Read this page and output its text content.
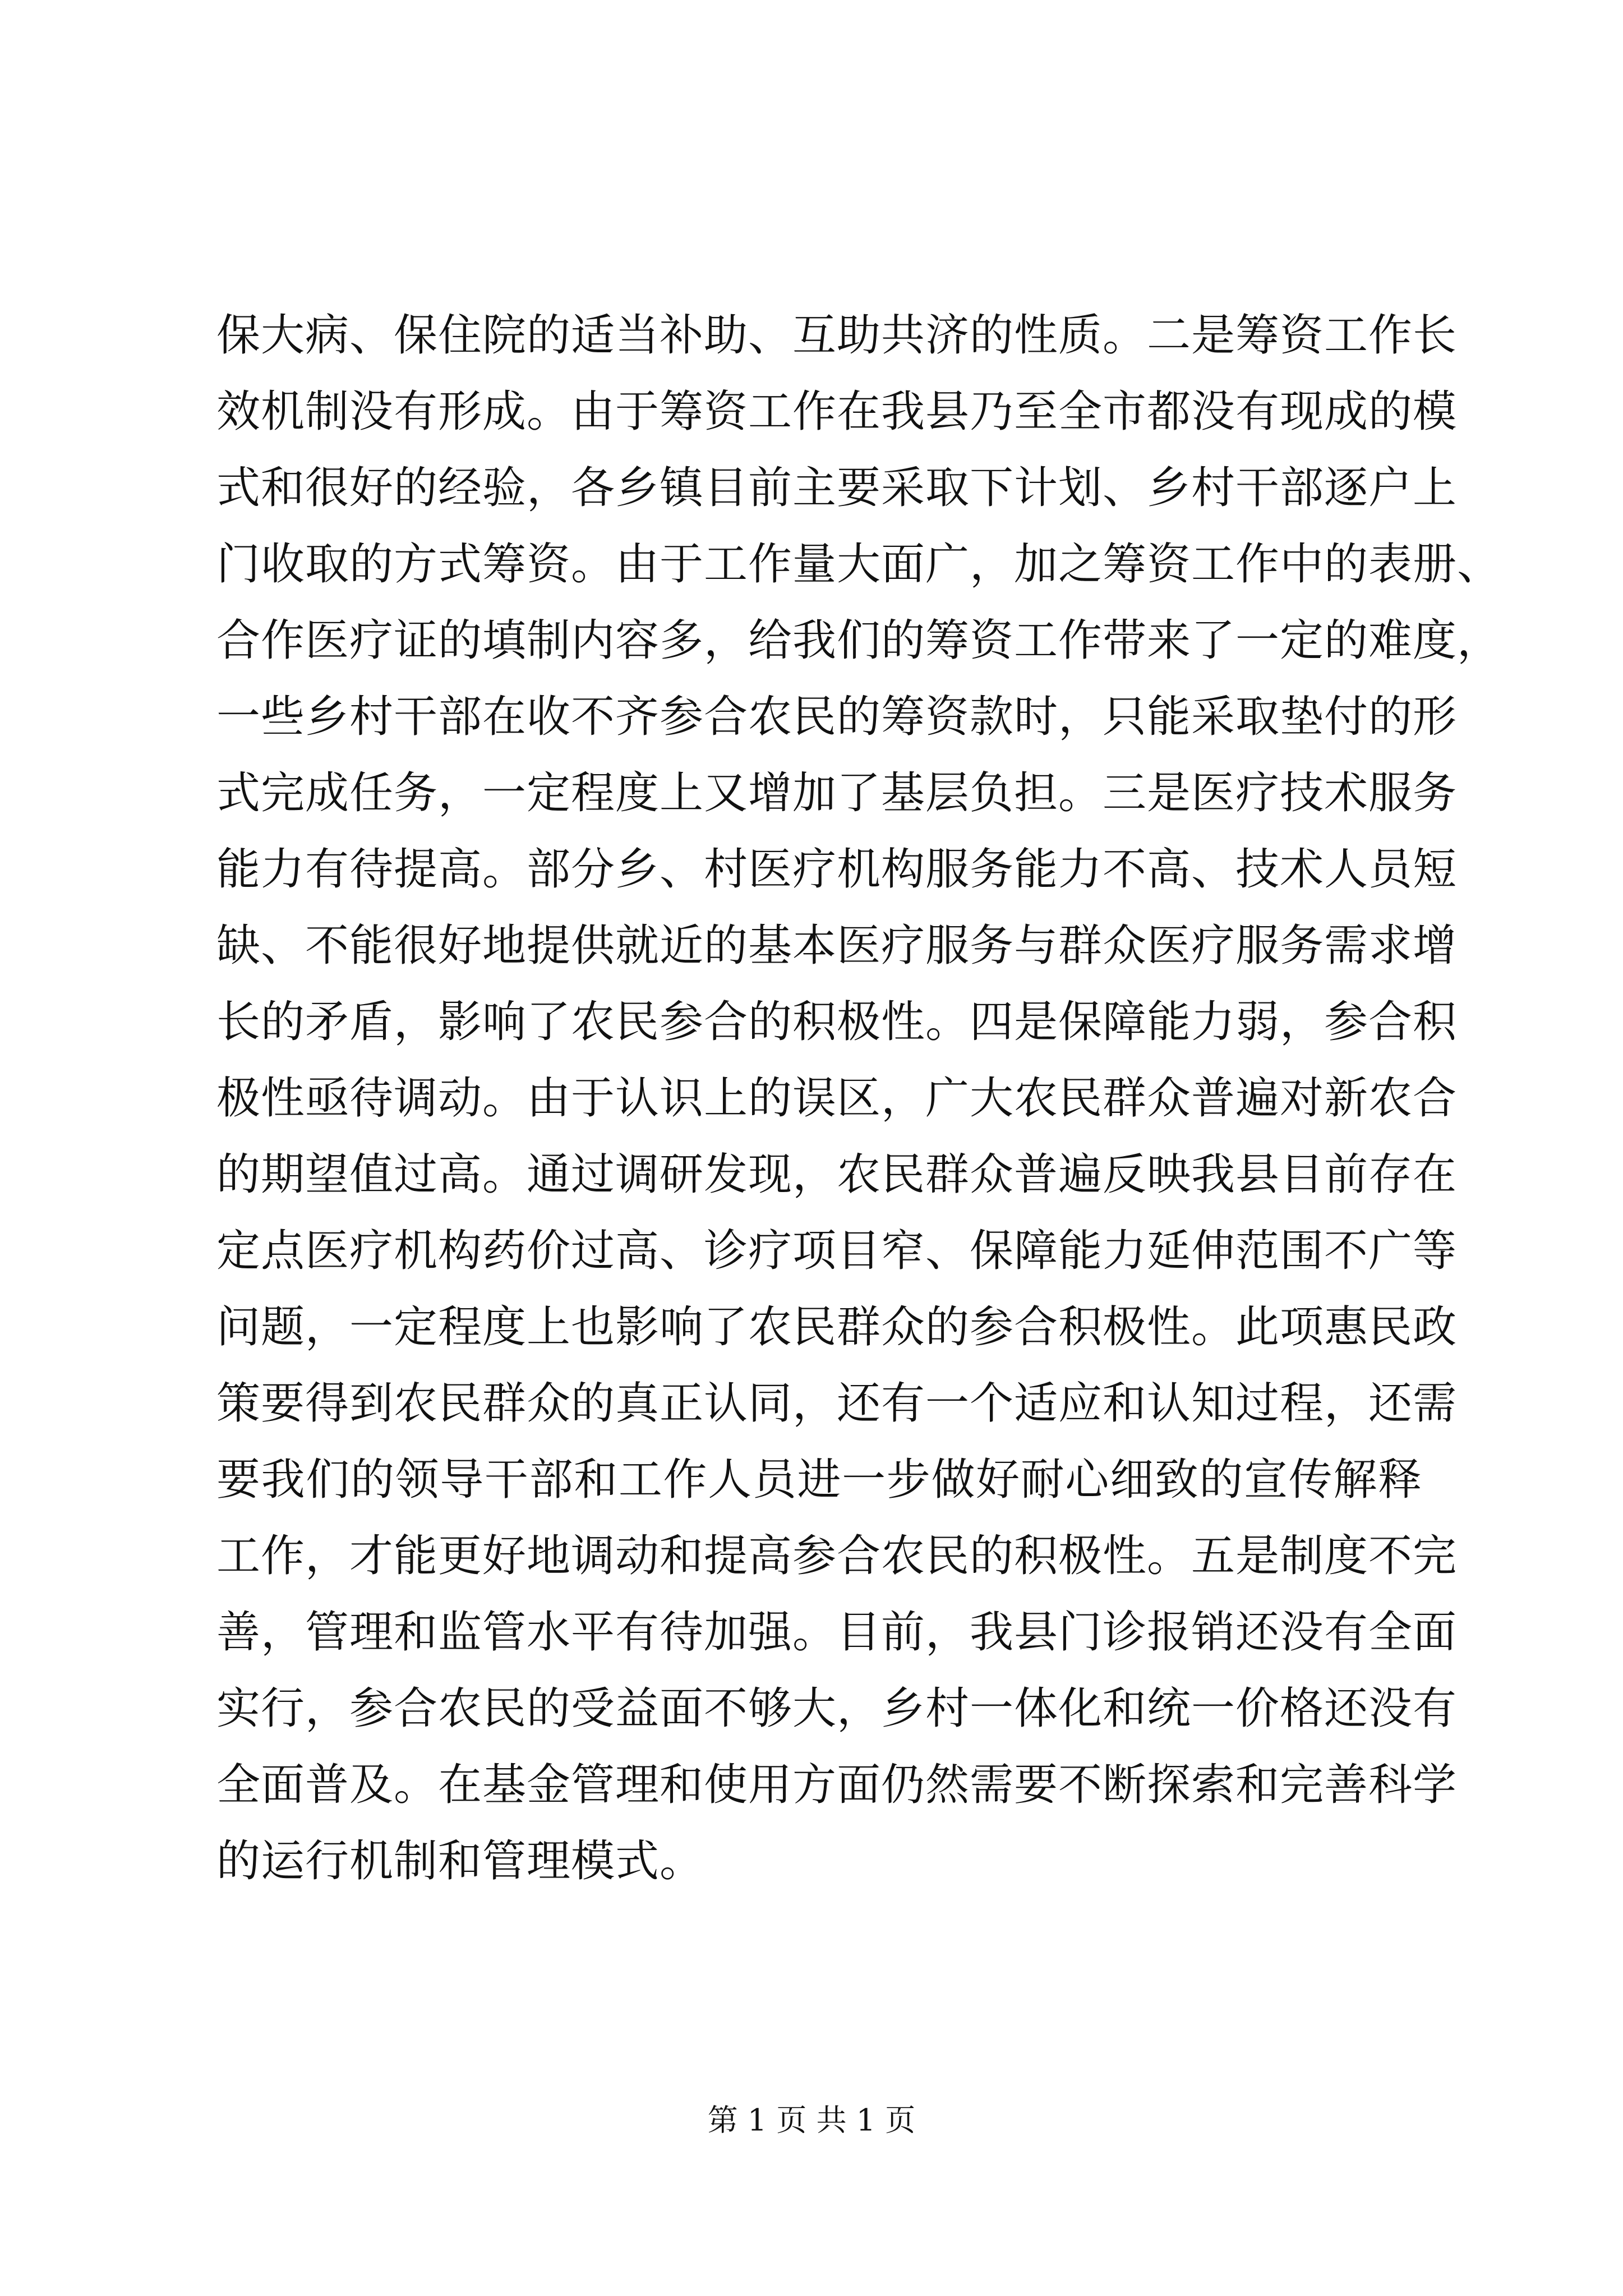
保大病、保住院的适当补助、互助共济的性质。二是筹资工作长
效机制没有形成。由于筹资工作在我县乃至全市都没有现成的模
式和很好的经验，各乡镇目前主要采取下计划、乡村干部逐户上
门收取的方式筹资。由于工作量大面广，加之筹资工作中的表册、
合作医疗证的填制内容多，给我们的筹资工作带来了一定的难度，
一些乡村干部在收不齐参合农民的筹资款时，只能采取垫付的形
式完成任务，一定程度上又增加了基层负担。三是医疗技术服务
能力有待提高。部分乡、村医疗机构服务能力不高、技术人员短
缺、不能很好地提供就近的基本医疗服务与群众医疗服务需求增
长的矛盾，影响了农民参合的积极性。四是保障能力弱，参合积
极性亟待调动。由于认识上的误区，广大农民群众普遍对新农合
的期望值过高。通过调研发现，农民群众普遍反映我县目前存在
定点医疗机构药价过高、诊疗项目窄、保障能力延伸范围不广等
问题，一定程度上也影响了农民群众的参合积极性。此项惠民政
策要得到农民群众的真正认同，还有一个适应和认知过程，还需
要我们的领导干部和工作人员进一步做好耐心细致的宣传解释
工作，才能更好地调动和提高参合农民的积极性。五是制度不完
善，管理和监管水平有待加强。目前，我县门诊报销还没有全面
实行，参合农民的受益面不够大，乡村一体化和统一价格还没有
全面普及。在基金管理和使用方面仍然需要不断探索和完善科学
的运行机制和管理模式。
第 1 页 共 1 页
